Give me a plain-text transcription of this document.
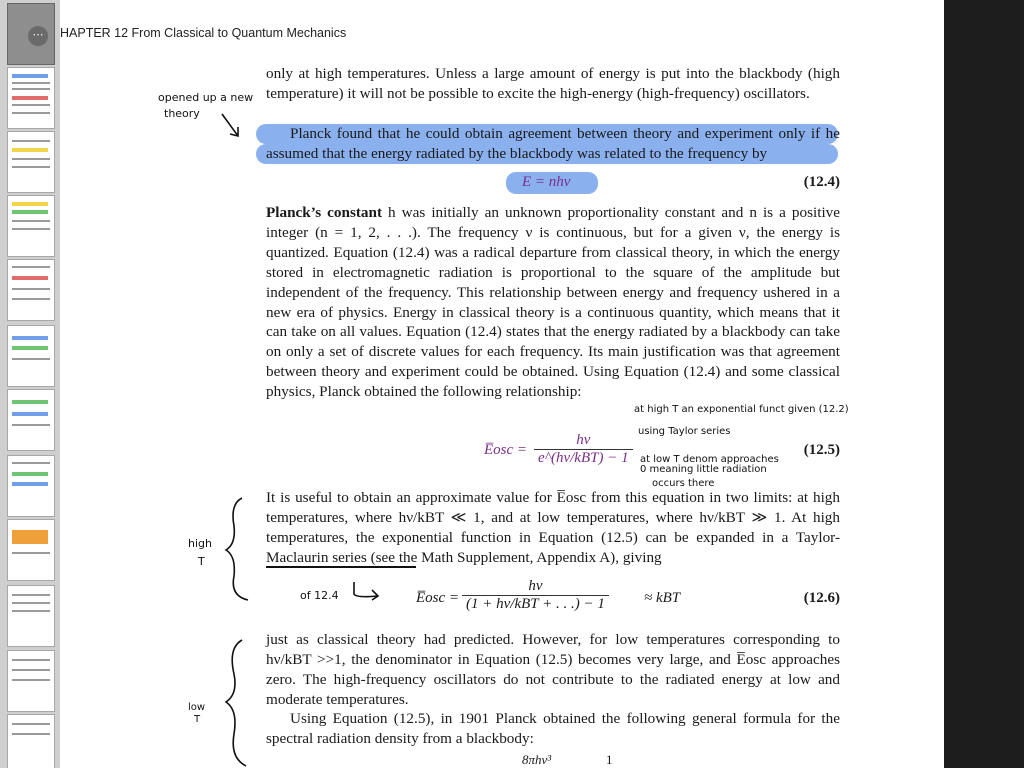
⋯	HAPTER 12 From Classical to Quantum Mechanics

only at high temperatures. Unless a large amount of energy is put into the blackbody (high temperature) it will not be possible to excite the high-energy (high-frequency) oscillators.

Planck found that he could obtain agreement between theory and experiment only if he assumed that the energy radiated by the blackbody was related to the frequency by

E = nhν	(12.4)

Planck’s constant h was initially an unknown proportionality constant and n is a positive integer (n = 1, 2, . . .). The frequency ν is continuous, but for a given ν, the energy is quantized. Equation (12.4) was a radical departure from classical theory, in which the energy stored in electromagnetic radiation is proportional to the square of the amplitude but independent of the frequency. This relationship between energy and frequency ushered in a new era of physics. Energy in classical theory is a continuous quantity, which means that it can take on all values. Equation (12.4) states that the energy radiated by a blackbody can take on only a set of discrete values for each frequency. Its main justification was that agreement between theory and experiment could be obtained. Using Equation (12.4) and some classical physics, Planck obtained the following relationship:

E̅osc =
hν
e^(hν/kBT) − 1	(12.5)

It is useful to obtain an approximate value for E̅osc from this equation in two limits: at high temperatures, where hν/kBT ≪ 1, and at low temperatures, where hν/kBT ≫ 1. At high temperatures, the exponential function in Equation (12.5) can be expanded in a Taylor-Maclaurin series (see the Math Supplement, Appendix A), giving

E̅osc =
hν
(1 + hν/kBT + . . .) − 1	≈ kBT	(12.6)

just as classical theory had predicted. However, for low temperatures corresponding to hν/kBT >>1, the denominator in Equation (12.5) becomes very large, and E̅osc approaches zero. The high-frequency oscillators do not contribute to the radiated energy at low and moderate temperatures.

Using Equation (12.5), in 1901 Planck obtained the following general formula for the spectral radiation density from a blackbody:

8πhν³	1
opened up a new
theory
at high T an exponential funct given (12.2)
using Taylor series
at low T denom approaches
0 meaning little radiation
occurs there
high
T
of 12.4
low
T
